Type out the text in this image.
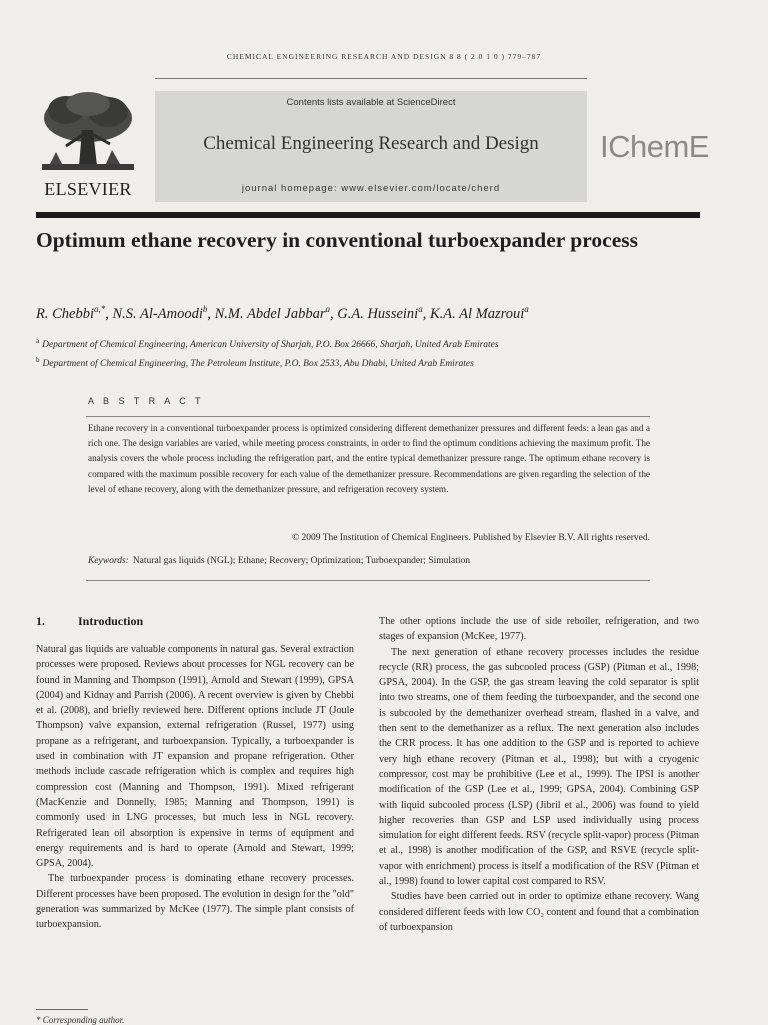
CHEMICAL ENGINEERING RESEARCH AND DESIGN 8 8 ( 2 0 1 0 ) 779–787
ELSEVIER
Contents lists available at ScienceDirect
Chemical Engineering Research and Design
journal homepage: www.elsevier.com/locate/cherd
IChemE
Optimum ethane recovery in conventional turboexpander process
R. Chebbi$^{a,*}$, N.S. Al-Amoodi$^b$, N.M. Abdel Jabbar$^a$, G.A. Husseini$^a$, K.A. Al Mazroui$^a$
$^a$ Department of Chemical Engineering, American University of Sharjah, P.O. Box 26666, Sharjah, United Arab Emirates
$^b$ Department of Chemical Engineering, The Petroleum Institute, P.O. Box 2533, Abu Dhabi, United Arab Emirates
A B S T R A C T
Ethane recovery in a conventional turboexpander process is optimized considering different demethanizer pressures and different feeds: a lean gas and a rich one. The design variables are varied, while meeting process constraints, in order to find the optimum conditions achieving the maximum profit. The analysis covers the whole process including the refrigeration part, and the entire typical demethanizer pressure range. The optimum ethane recovery is compared with the maximum possible recovery for each value of the demethanizer pressure. Recommendations are given regarding the selection of the level of ethane recovery, along with the demethanizer pressure, and refrigeration recovery system.
© 2009 The Institution of Chemical Engineers. Published by Elsevier B.V. All rights reserved.
Keywords: Natural gas liquids (NGL); Ethane; Recovery; Optimization; Turboexpander; Simulation
1.	Introduction

Natural gas liquids are valuable components in natural gas. Several extraction processes were proposed. Reviews about processes for NGL recovery can be found in Manning and Thompson (1991), Arnold and Stewart (1999), GPSA (2004) and Kidnay and Parrish (2006). A recent overview is given by Chebbi et al. (2008), and briefly reviewed here. Different options include JT (Joule Thompson) valve expansion, external refrigeration (Russel, 1977) using propane as a refrigerant, and turboexpansion. Typically, a turboexpander is used in combination with JT expansion and propane refrigeration. Other methods include cascade refrigeration which is complex and requires high compression cost (Manning and Thompson, 1991). Mixed refrigerant (MacKenzie and Donnelly, 1985; Manning and Thompson, 1991) is commonly used in LNG processes, but much less in NGL recovery. Refrigerated lean oil absorption is expensive in terms of equipment and energy requirements and is hard to operate (Arnold and Stewart, 1999; GPSA, 2004).

The turboexpander process is dominating ethane recovery processes. Different processes have been proposed. The evolution in design for the "old" generation was summarized by McKee (1977). The simple plant consists of turboexpansion.

The other options include the use of side reboiler, refrigeration, and two stages of expansion (McKee, 1977).

The next generation of ethane recovery processes includes the residue recycle (RR) process, the gas subcooled process (GSP) (Pitman et al., 1998; GPSA, 2004). In the GSP, the gas stream leaving the cold separator is split into two streams, one of them feeding the turboexpander, and the second one is subcooled by the demethanizer overhead stream, flashed in a valve, and then sent to the demethanizer as a reflux. The next generation also includes the CRR process. It has one addition to the GSP and is reported to achieve very high ethane recovery (Pitman et al., 1998); but with a cryogenic compressor, cost may be prohibitive (Lee et al., 1999). The IPSI is another modification of the GSP (Lee et al., 1999; GPSA, 2004). Combining GSP with liquid subcooled process (LSP) (Jibril et al., 2006) was found to yield higher recoveries than GSP and LSP used individually using process simulation for eight different feeds. RSV (recycle split-vapor) process (Pitman et al., 1998) is another modification of the GSP, and RSVE (recycle split-vapor with enrichment) process is itself a modification of the RSV (Pitman et al., 1998) found to lower capital cost compared to RSV.

Studies have been carried out in order to optimize ethane recovery. Wang considered different feeds with low CO₂ content and found that a combination of turboexpansion

* Corresponding author.
